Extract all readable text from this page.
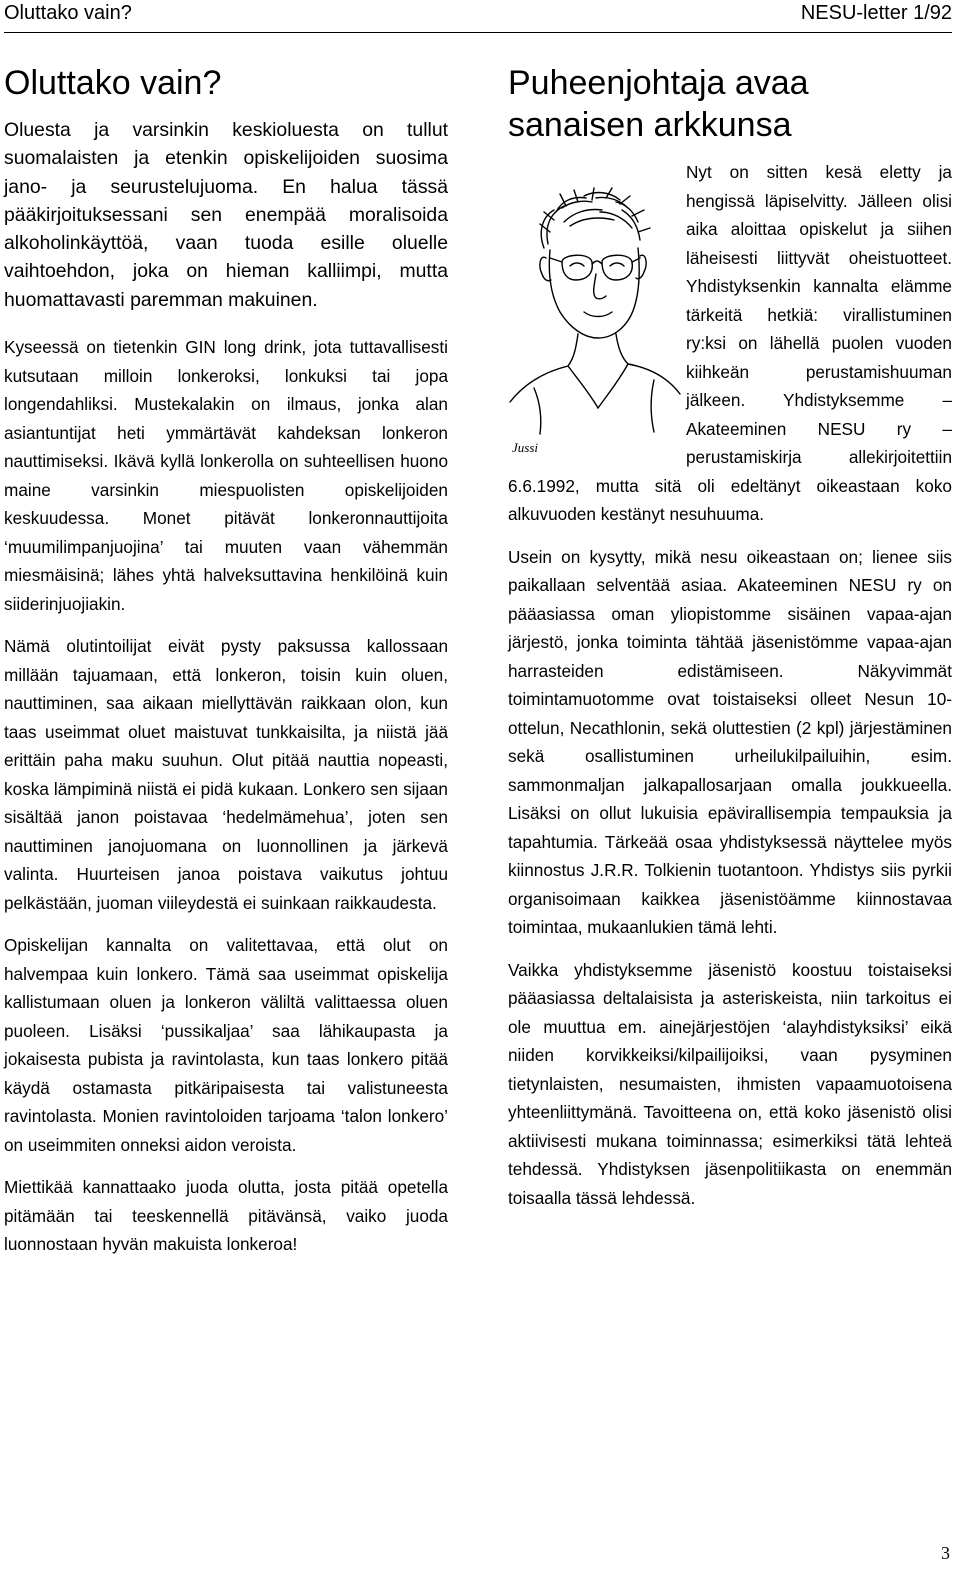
Oluttako vain?	NESU-letter 1/92
Oluttako vain?

Oluesta ja varsinkin keskioluesta on tullut suomalaisten ja etenkin opiskelijoiden suosima jano- ja seurustelujuoma. En halua tässä pääkirjoituksessani sen enempää moralisoida alkoholinkäyttöä, vaan tuoda esille oluelle vaihtoehdon, joka on hieman kalliimpi, mutta huomattavasti paremman makuinen.

Kyseessä on tietenkin GIN long drink, jota tuttavallisesti kutsutaan milloin lonkeroksi, lonkuksi tai jopa longendahliksi. Mustekalakin on ilmaus, jonka alan asiantuntijat heti ymmärtävät kahdeksan lonkeron nauttimiseksi. Ikävä kyllä lonkerolla on suhteellisen huono maine varsinkin miespuolisten opiskelijoiden keskuudessa. Monet pitävät lonkeronnauttijoita ‘muumilimpanjuojina’ tai muuten vaan vähemmän miesmäisinä; lähes yhtä halveksuttavina henkilöinä kuin siiderinjuojiakin.

Nämä olutintoilijat eivät pysty paksussa kallossaan millään tajuamaan, että lonkeron, toisin kuin oluen, nauttiminen, saa aikaan miellyttävän raikkaan olon, kun taas useimmat oluet maistuvat tunkkaisilta, ja niistä jää erittäin paha maku suuhun. Olut pitää nauttia nopeasti, koska lämpiminä niistä ei pidä kukaan. Lonkero sen sijaan sisältää janon poistavaa ‘hedelmämehua’, joten sen nauttiminen janojuomana on luonnollinen ja järkevä valinta. Huurteisen janoa poistava vaikutus johtuu pelkästään, juoman viileydestä ei suinkaan raikkaudesta.

Opiskelijan kannalta on valitettavaa, että olut on halvempaa kuin lonkero. Tämä saa useimmat opiskelija kallistumaan oluen ja lonkeron väliltä valittaessa oluen puoleen. Lisäksi ‘pussikaljaa’ saa lähikaupasta ja jokaisesta pubista ja ravintolasta, kun taas lonkero pitää käydä ostamasta pitkäripaisesta tai valistuneesta ravintolasta. Monien ravintoloiden tarjoama ‘talon lonkero’ on useimmiten onneksi aidon veroista.

Miettikää kannattaako juoda olutta, josta pitää opetella pitämään tai teeskennellä pitävänsä, vaiko juoda luonnostaan hyvän makuista lonkeroa!

Puheenjohtaja avaa sanaisen arkkunsa
Jussi

Nyt on sitten kesä eletty ja hengissä läpiselvitty. Jälleen olisi aika aloittaa opiskelut ja siihen läheisesti liittyvät oheistuotteet. Yhdistyksenkin kannalta elämme tärkeitä hetkiä: virallistuminen ry:ksi on lähellä puolen vuoden kiihkeän perustamishuuman jälkeen. Yhdistyksemme – Akateeminen NESU ry – perustamiskirja allekirjoitettiin 6.6.1992, mutta sitä oli edeltänyt oikeastaan koko alkuvuoden kestänyt nesuhuuma.

Usein on kysytty, mikä nesu oikeastaan on; lienee siis paikallaan selventää asiaa. Akateeminen NESU ry on pääasiassa oman yliopistomme sisäinen vapaa-ajan järjestö, jonka toiminta tähtää jäsenistömme vapaa-ajan harrasteiden edistämiseen. Näkyvimmät toimintamuotomme ovat toistaiseksi olleet Nesun 10-ottelun, Necathlonin, sekä oluttestien (2 kpl) järjestäminen sekä osallistuminen urheilukilpailuihin, esim. sammonmaljan jalkapallosarjaan omalla joukkueella. Lisäksi on ollut lukuisia epävirallisempia tempauksia ja tapahtumia. Tärkeää osaa yhdistyksessä näyttelee myös kiinnostus J.R.R. Tolkienin tuotantoon. Yhdistys siis pyrkii organisoimaan kaikkea jäsenistöämme kiinnostavaa toimintaa, mukaanlukien tämä lehti.

Vaikka yhdistyksemme jäsenistö koostuu toistaiseksi pääasiassa deltalaisista ja asteriskeista, niin tarkoitus ei ole muuttua em. ainejärjestöjen ‘alayhdistyksiksi’ eikä niiden korvikkeiksi/kilpailijoiksi, vaan pysyminen tietynlaisten, nesumaisten, ihmisten vapaamuotoisena yhteenliittymänä. Tavoitteena on, että koko jäsenistö olisi aktiivisesti mukana toiminnassa; esimerkiksi tätä lehteä tehdessä. Yhdistyksen jäsenpolitiikasta on enemmän toisaalla tässä lehdessä.

3
